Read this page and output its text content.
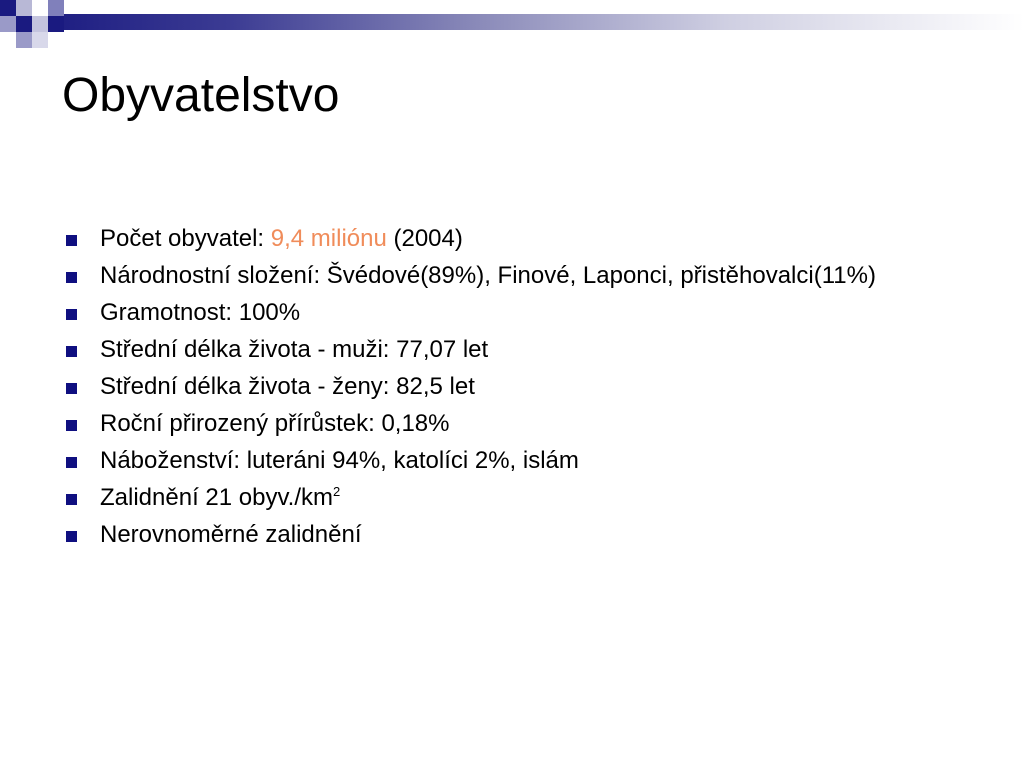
Obyvatelstvo
Počet obyvatel: 9,4 miliónu (2004)
Národnostní složení: Švédové(89%), Finové, Laponci, přistěhovalci(11%)
Gramotnost: 100%
Střední délka života - muži: 77,07 let
Střední délka života - ženy: 82,5 let
Roční přirozený přírůstek: 0,18%
Náboženství: luteráni 94%, katolíci 2%, islám
Zalidnění 21 $obyv./km^2$
Nerovnoměrné zalidnění
